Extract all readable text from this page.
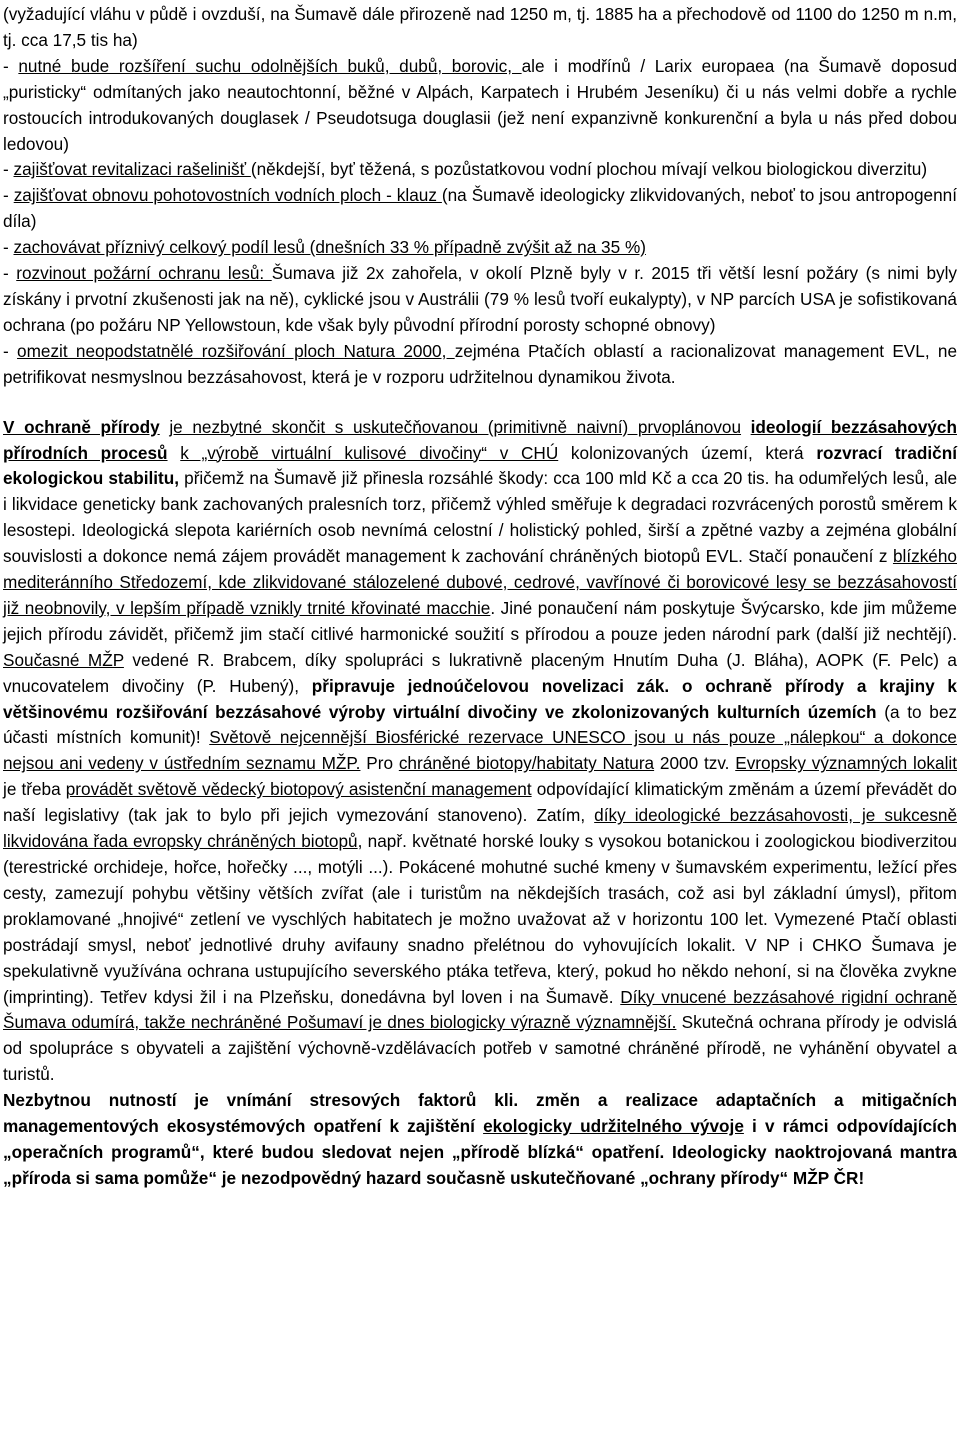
(vyžadující vláhu v půdě i ovzduší, na Šumavě dále přirozeně nad 1250 m, tj. 1885 ha a přechodově od 1100 do 1250 m n.m, tj. cca 17,5 tis ha)

- nutné bude rozšíření suchu odolnějších buků, dubů, borovic, ale i modřínů / Larix europaea (na Šumavě doposud „puristicky“ odmítaných jako neautochtonní, běžné v Alpách, Karpatech i Hrubém Jeseníku) či u nás velmi dobře a rychle rostoucích introdukovaných douglasek / Pseudotsuga douglasii (jež není expanzivně konkurenční a byla u nás před dobou ledovou)

- zajišťovat revitalizaci rašelinišť (někdejší, byť těžená, s pozůstatkovou vodní plochou mívají velkou biologickou diverzitu)

- zajišťovat obnovu pohotovostních vodních ploch - klauz (na Šumavě ideologicky zlikvidovaných, neboť to jsou antropogenní díla)

- zachovávat příznivý celkový podíl lesů (dnešních 33 % případně zvýšit až na 35 %)

- rozvinout požární ochranu lesů: Šumava již 2x zahořela, v okolí Plzně byly v r. 2015 tři větší lesní požáry (s nimi byly získány i prvotní zkušenosti jak na ně), cyklické jsou v Austrálii (79 % lesů tvoří eukalypty), v NP parcích USA je sofistikovaná ochrana (po požáru NP Yellowstoun, kde však byly původní přírodní porosty schopné obnovy)

- omezit neopodstatnělé rozšiřování ploch Natura 2000, zejména Ptačích oblastí a racionalizovat management EVL, ne petrifikovat nesmyslnou bezzásahovost, která je v rozporu udržitelnou dynamikou života.

V ochraně přírody je nezbytné skončit s uskutečňovanou (primitivně naivní) prvoplánovou ideologií bezzásahových přírodních procesů k „výrobě virtuální kulisové divočiny“ v CHÚ kolonizovaných území, která rozvrací tradiční ekologickou stabilitu, přičemž na Šumavě již přinesla rozsáhlé škody: cca 100 mld Kč a cca 20 tis. ha odumřelých lesů, ale i likvidace geneticky bank zachovaných pralesních torz, přičemž výhled směřuje k degradaci rozvrácených porostů směrem k lesostepi. Ideologická slepota kariérních osob nevnímá celostní / holistický pohled, širší a zpětné vazby a zejména globální souvislosti a dokonce nemá zájem provádět management k zachování chráněných biotopů EVL. Stačí ponaučení z blízkého mediteránního Středozemí, kde zlikvidované stálozelené dubové, cedrové, vavřínové či borovicové lesy se bezzásahovostí již neobnovily, v lepším případě vznikly trnité křovinaté macchie. Jiné ponaučení nám poskytuje Švýcarsko, kde jim můžeme jejich přírodu závidět, přičemž jim stačí citlivé harmonické soužití s přírodou a pouze jeden národní park (další již nechtějí). Současné MŽP vedené R. Brabcem, díky spolupráci s lukrativně placeným Hnutím Duha (J. Bláha), AOPK (F. Pelc) a vnucovatelem divočiny (P. Hubený), připravuje jednoúčelovou novelizaci zák. o ochraně přírody a krajiny k většinovému rozšiřování bezzásahové výroby virtuální divočiny ve zkolonizovaných kulturních územích (a to bez účasti místních komunit)! Světově nejcennější Biosférické rezervace UNESCO jsou u nás pouze „nálepkou“ a dokonce nejsou ani vedeny v ústředním seznamu MŽP. Pro chráněné biotopy/habitaty Natura 2000 tzv. Evropsky významných lokalit je třeba provádět světově vědecký biotopový asistenční management odpovídající klimatickým změnám a území převádět do naší legislativy (tak jak to bylo při jejich vymezování stanoveno). Zatím, díky ideologické bezzásahovosti, je sukcesně likvidována řada evropsky chráněných biotopů, např. květnaté horské louky s vysokou botanickou i zoologickou biodiverzitou (terestrické orchideje, hořce, hořečky ..., motýli ...). Pokácené mohutné suché kmeny v šumavském experimentu, ležící přes cesty, zamezují pohybu většiny větších zvířat (ale i turistům na někdejších trasách, což asi byl základní úmysl), přitom proklamované „hnojivé“ zetlení ve vyschlých habitatech je možno uvažovat až v horizontu 100 let. Vymezené Ptačí oblasti postrádají smysl, neboť jednotlivé druhy avifauny snadno přelétnou do vyhovujících lokalit. V NP i CHKO Šumava je spekulativně využívána ochrana ustupujícího severského ptáka tetřeva, který, pokud ho někdo nehoní, si na člověka zvykne (imprinting). Tetřev kdysi žil i na Plzeňsku, donedávna byl loven i na Šumavě. Díky vnucené bezzásahové rigidní ochraně Šumava odumírá, takže nechráněné Pošumaví je dnes biologicky výrazně významnější. Skutečná ochrana přírody je odvislá od spolupráce s obyvateli a zajištění výchovně-vzdělávacích potřeb v samotné chráněné přírodě, ne vyhánění obyvatel a turistů.

Nezbytnou nutností je vnímání stresových faktorů kli. změn a realizace adaptačních a mitigačních managementových ekosystémových opatření k zajištění ekologicky udržitelného vývoje i v rámci odpovídajících „operačních programů“, které budou sledovat nejen „přírodě blízká“ opatření. Ideologicky naoktrojovaná mantra „příroda si sama pomůže“ je nezodpovědný hazard současně uskutečňované „ochrany přírody“ MŽP ČR!
